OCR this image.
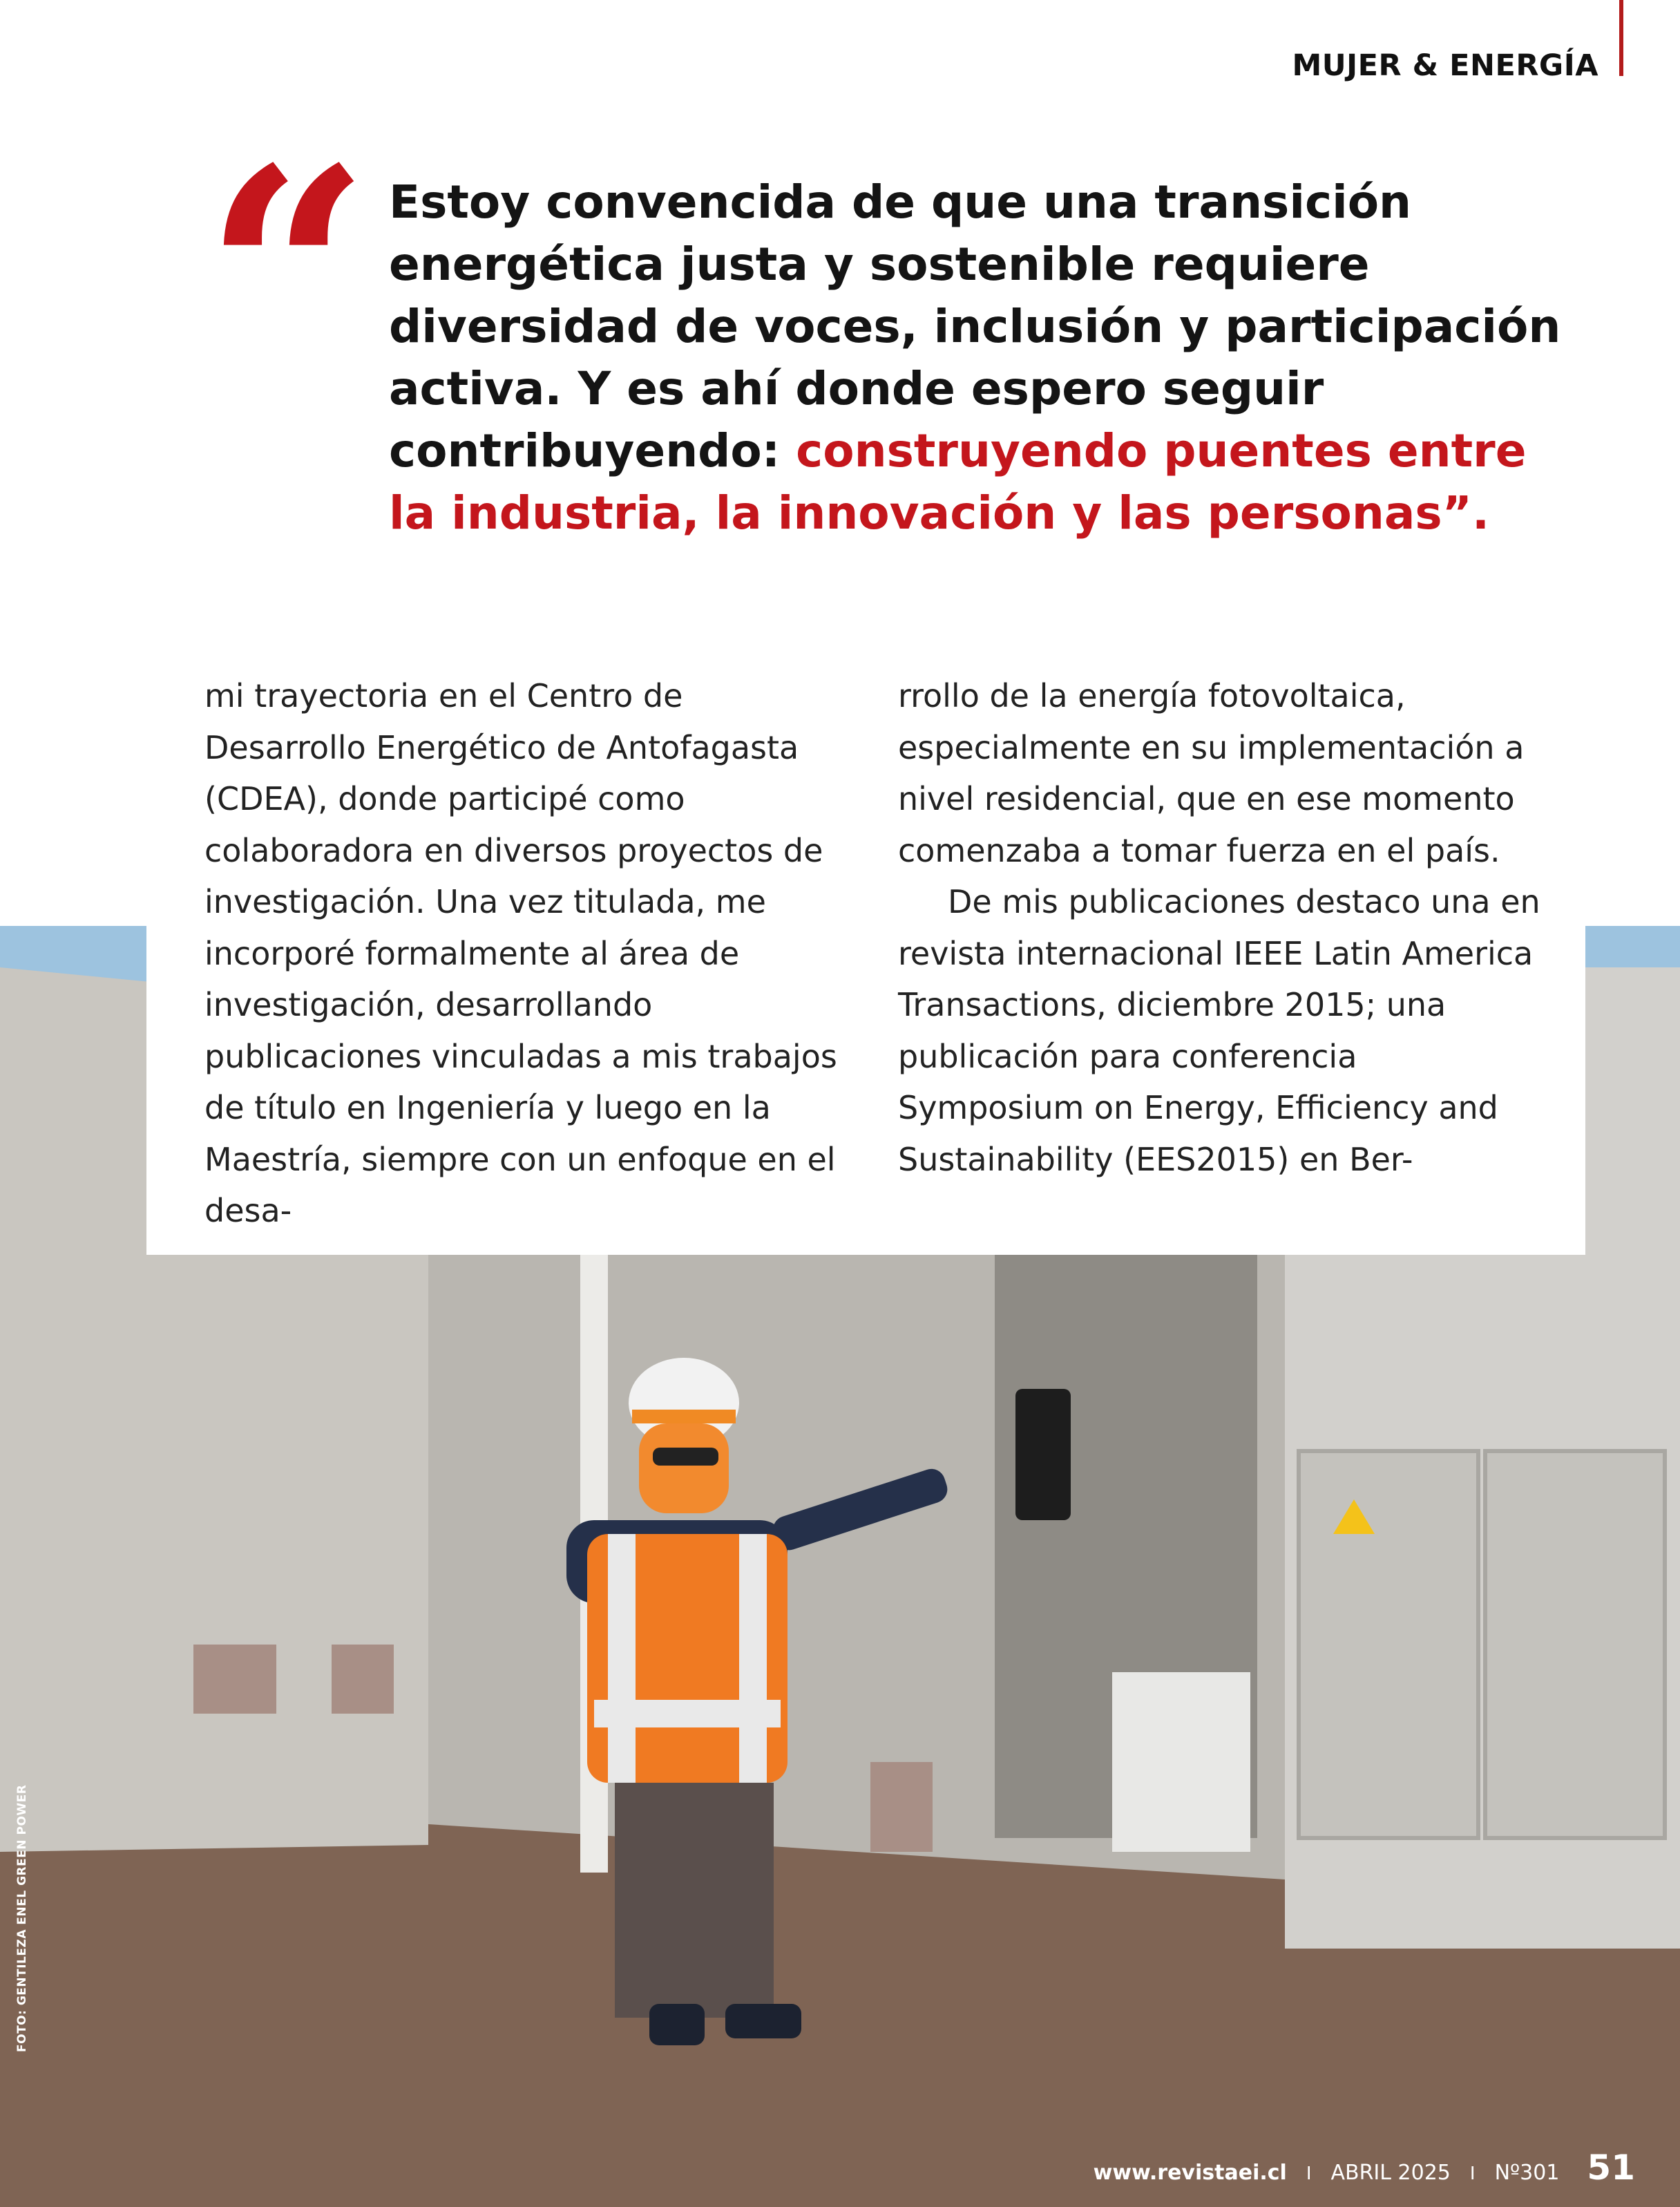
MUJER & ENERGÍA
“ Estoy convencida de que una transición energética justa y sostenible requiere diversidad de voces, inclusión y participación activa. Y es ahí donde espero seguir contribuyendo: construyendo puentes entre la industria, la innovación y las personas”.

mi trayectoria en el Centro de Desarrollo Energético de Antofagasta (CDEA), donde participé como colaboradora en diversos proyectos de investigación. Una vez titulada, me incorporé formalmente al área de investigación, desarrollando publicaciones vinculadas a mis trabajos de título en Ingeniería y luego en la Maestría, siempre con un enfoque en el desa-

rrollo de la energía fotovoltaica, especialmente en su implementación a nivel residencial, que en ese momento comenzaba a tomar fuerza en el país.
De mis publicaciones destaco una en revista internacional IEEE Latin America Transactions, diciembre 2015; una publicación para conferencia Symposium on Energy, Efficiency and Sustainability (EES2015) en Ber-

FOTO: GENTILEZA ENEL GREEN POWER
www.revistaei.cl I ABRIL 2025 I Nº301 51
